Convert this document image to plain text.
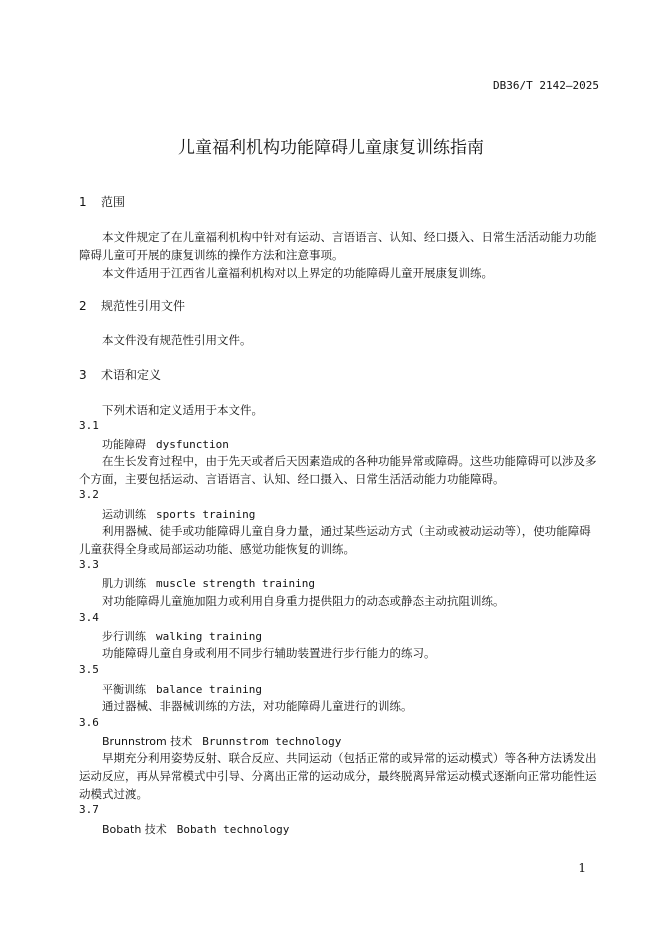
DB36/T 2142—2025

儿童福利机构功能障碍儿童康复训练指南

1 范围

本文件规定了在儿童福利机构中针对有运动、言语语言、认知、经口摄入、日常生活活动能力功能障碍儿童可开展的康复训练的操作方法和注意事项。

本文件适用于江西省儿童福利机构对以上界定的功能障碍儿童开展康复训练。

2 规范性引用文件

本文件没有规范性引用文件。

3 术语和定义

下列术语和定义适用于本文件。

3.1

功能障碍 dysfunction

在生长发育过程中，由于先天或者后天因素造成的各种功能异常或障碍。这些功能障碍可以涉及多个方面，主要包括运动、言语语言、认知、经口摄入、日常生活活动能力功能障碍。

3.2

运动训练 sports training

利用器械、徒手或功能障碍儿童自身力量，通过某些运动方式（主动或被动运动等），使功能障碍儿童获得全身或局部运动功能、感觉功能恢复的训练。

3.3

肌力训练 muscle strength training

对功能障碍儿童施加阻力或利用自身重力提供阻力的动态或静态主动抗阻训练。

3.4

步行训练 walking training

功能障碍儿童自身或利用不同步行辅助装置进行步行能力的练习。

3.5

平衡训练 balance training

通过器械、非器械训练的方法，对功能障碍儿童进行的训练。

3.6

Brunnstrom 技术 Brunnstrom technology

早期充分利用姿势反射、联合反应、共同运动（包括正常的或异常的运动模式）等各种方法诱发出运动反应，再从异常模式中引导、分离出正常的运动成分，最终脱离异常运动模式逐渐向正常功能性运动模式过渡。

3.7

Bobath 技术 Bobath technology

1
